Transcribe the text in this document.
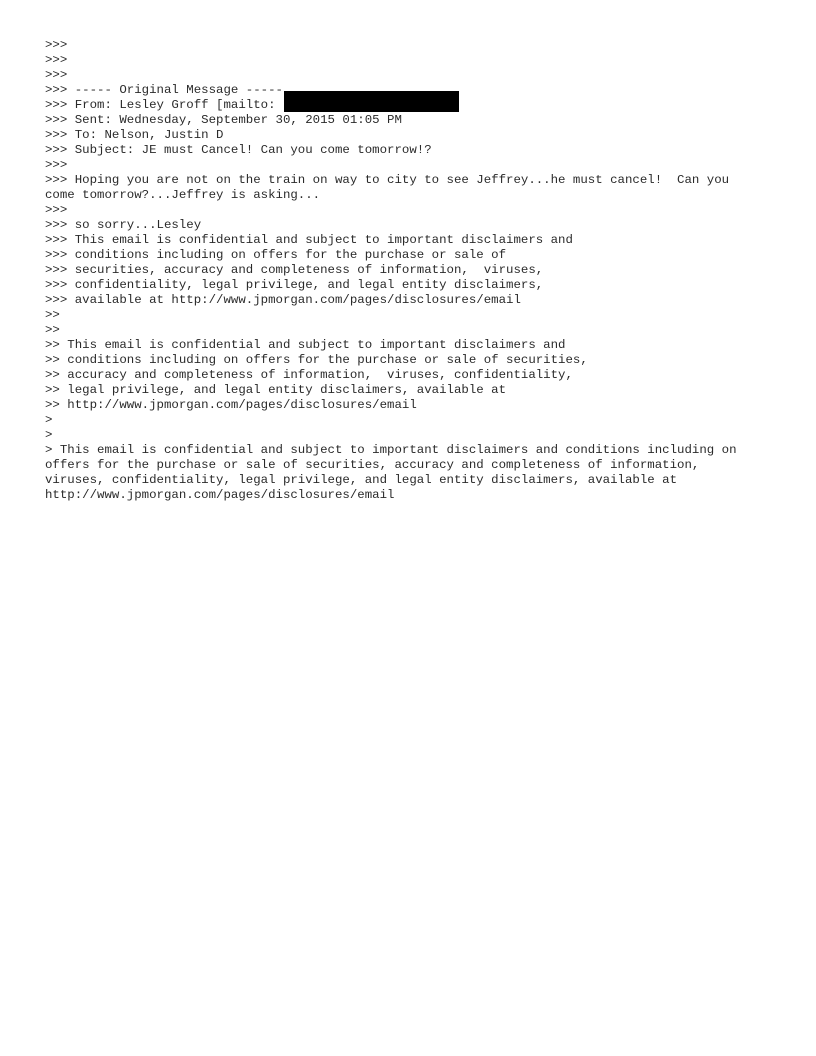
>>>
>>>
>>>
>>> ----- Original Message -----
>>> From: Lesley Groff [mailto:
>>> Sent: Wednesday, September 30, 2015 01:05 PM
>>> To: Nelson, Justin D
>>> Subject: JE must Cancel! Can you come tomorrow!?
>>>
>>> Hoping you are not on the train on way to city to see Jeffrey...he must cancel!  Can you
come tomorrow?...Jeffrey is asking...
>>>
>>> so sorry...Lesley
>>> This email is confidential and subject to important disclaimers and
>>> conditions including on offers for the purchase or sale of
>>> securities, accuracy and completeness of information,  viruses,
>>> confidentiality, legal privilege, and legal entity disclaimers,
>>> available at http://www.jpmorgan.com/pages/disclosures/email
>>
>>
>> This email is confidential and subject to important disclaimers and
>> conditions including on offers for the purchase or sale of securities,
>> accuracy and completeness of information,  viruses, confidentiality,
>> legal privilege, and legal entity disclaimers, available at
>> http://www.jpmorgan.com/pages/disclosures/email
>
>
> This email is confidential and subject to important disclaimers and conditions including on
offers for the purchase or sale of securities, accuracy and completeness of information,
viruses, confidentiality, legal privilege, and legal entity disclaimers, available at
http://www.jpmorgan.com/pages/disclosures/email
